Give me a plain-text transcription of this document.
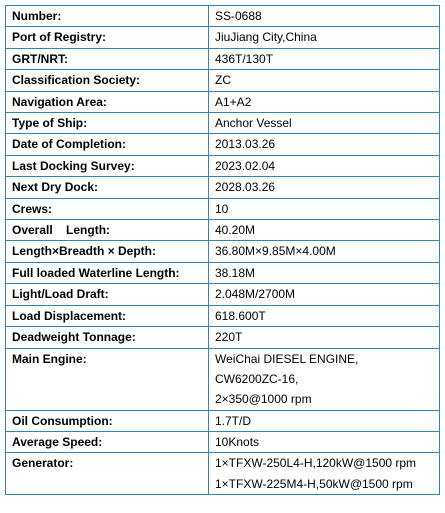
Number:	SS-0688

Port of Registry:	JiuJiang City,China

GRT/NRT:	436T/130T

Classification Society:	ZC

Navigation Area:	A1+A2

Type of Ship:	Anchor Vessel

Date of Completion:	2013.03.26

Last Docking Survey:	2023.02.04

Next Dry Dock:	2028.03.26

Crews:	10

Overall    Length:	40.20M

Length×Breadth × Depth:	36.80M×9.85M×4.00M

Full loaded Waterline Length:	38.18M

Light/Load Draft:	2.048M/2700M

Load Displacement:	618.600T

Deadweight Tonnage:	220T

Main Engine:	WeiChai DIESEL ENGINE,
CW6200ZC-16,
2×350@1000 rpm

Oil Consumption:	1.7T/D

Average Speed:	10Knots

Generator:	1×TFXW-250L4-H,120kW@1500 rpm
1×TFXW-225M4-H,50kW@1500 rpm
